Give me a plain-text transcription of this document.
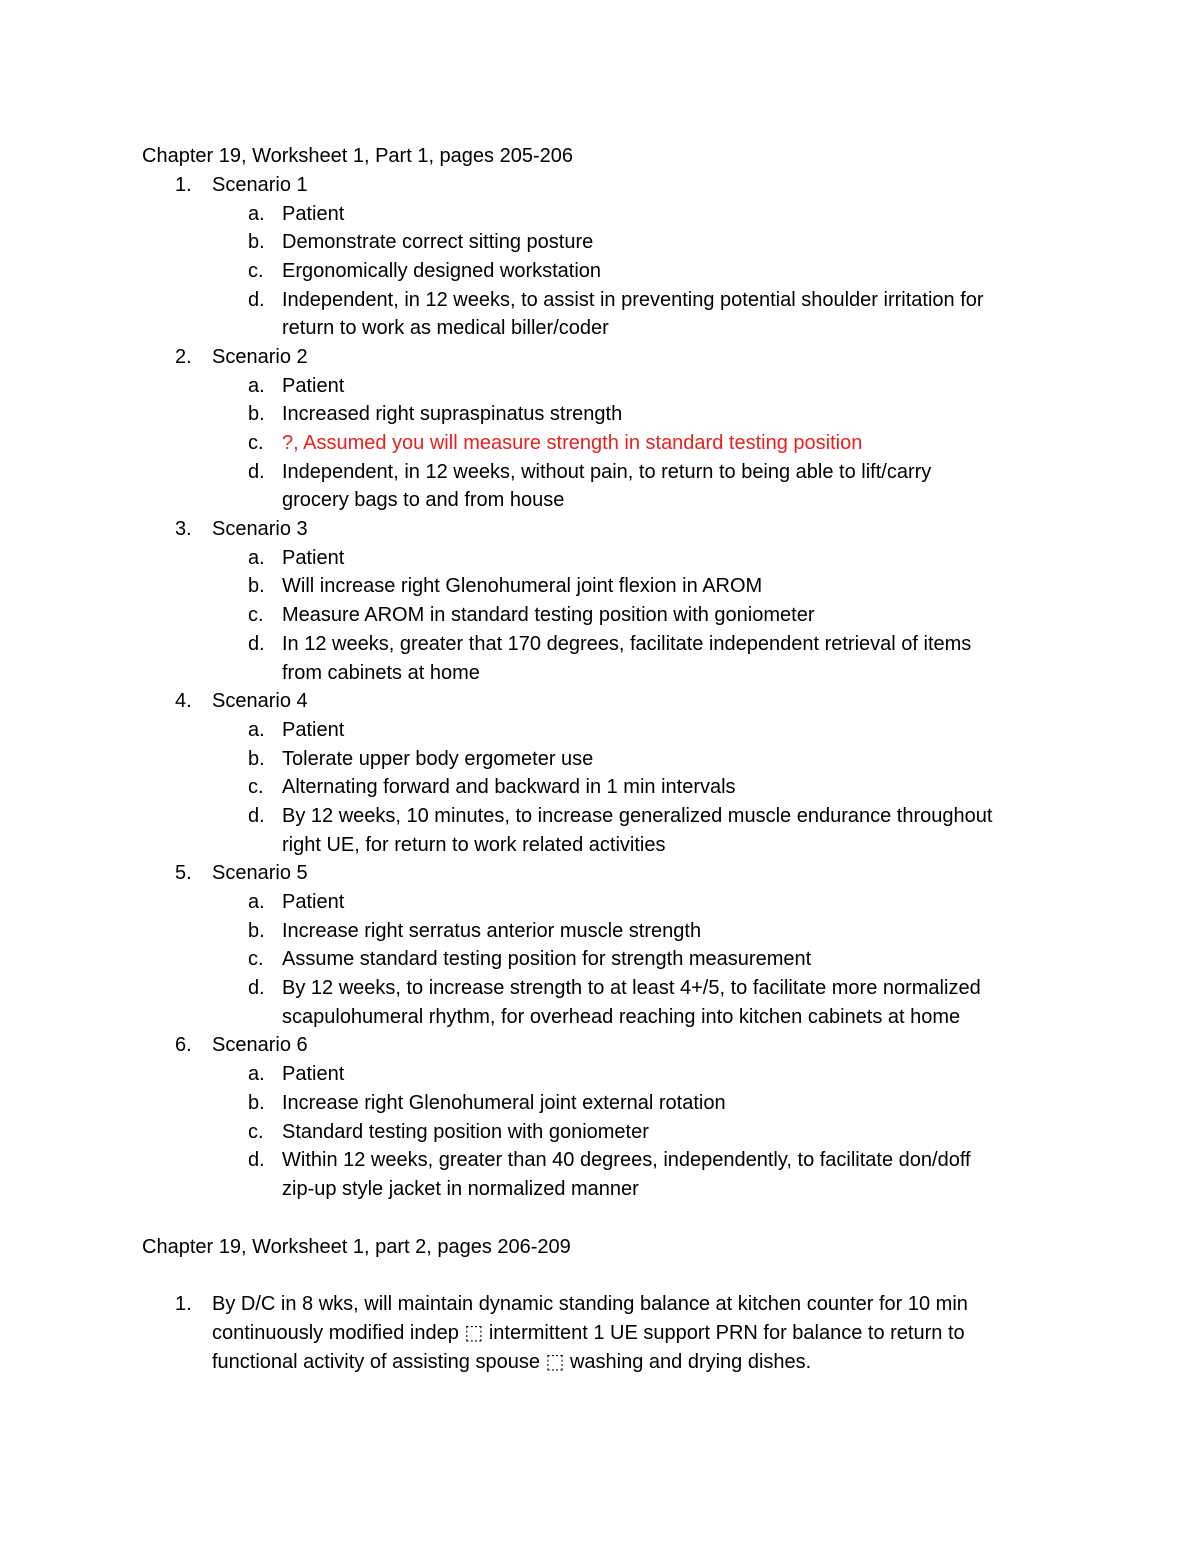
Chapter 19, Worksheet 1, Part 1, pages 205-206
1. Scenario 1
a. Patient
b. Demonstrate correct sitting posture
c. Ergonomically designed workstation
d. Independent, in 12 weeks, to assist in preventing potential shoulder irritation for
return to work as medical biller/coder
2. Scenario 2
a. Patient
b. Increased right supraspinatus strength
c. ?, Assumed you will measure strength in standard testing position
d. Independent, in 12 weeks, without pain, to return to being able to lift/carry
grocery bags to and from house
3. Scenario 3
a. Patient
b. Will increase right Glenohumeral joint flexion in AROM
c. Measure AROM in standard testing position with goniometer
d. In 12 weeks, greater that 170 degrees, facilitate independent retrieval of items
from cabinets at home
4. Scenario 4
a. Patient
b. Tolerate upper body ergometer use
c. Alternating forward and backward in 1 min intervals
d. By 12 weeks, 10 minutes, to increase generalized muscle endurance throughout
right UE, for return to work related activities
5. Scenario 5
a. Patient
b. Increase right serratus anterior muscle strength
c. Assume standard testing position for strength measurement
d. By 12 weeks, to increase strength to at least 4+/5, to facilitate more normalized
scapulohumeral rhythm, for overhead reaching into kitchen cabinets at home
6. Scenario 6
a. Patient
b. Increase right Glenohumeral joint external rotation
c. Standard testing position with goniometer
d. Within 12 weeks, greater than 40 degrees, independently, to facilitate don/doff
zip-up style jacket in normalized manner
Chapter 19, Worksheet 1, part 2, pages 206-209
1. By D/C in 8 wks, will maintain dynamic standing balance at kitchen counter for 10 min
continuously modified indep ⬚ intermittent 1 UE support PRN for balance to return to
functional activity of assisting spouse ⬚ washing and drying dishes.
